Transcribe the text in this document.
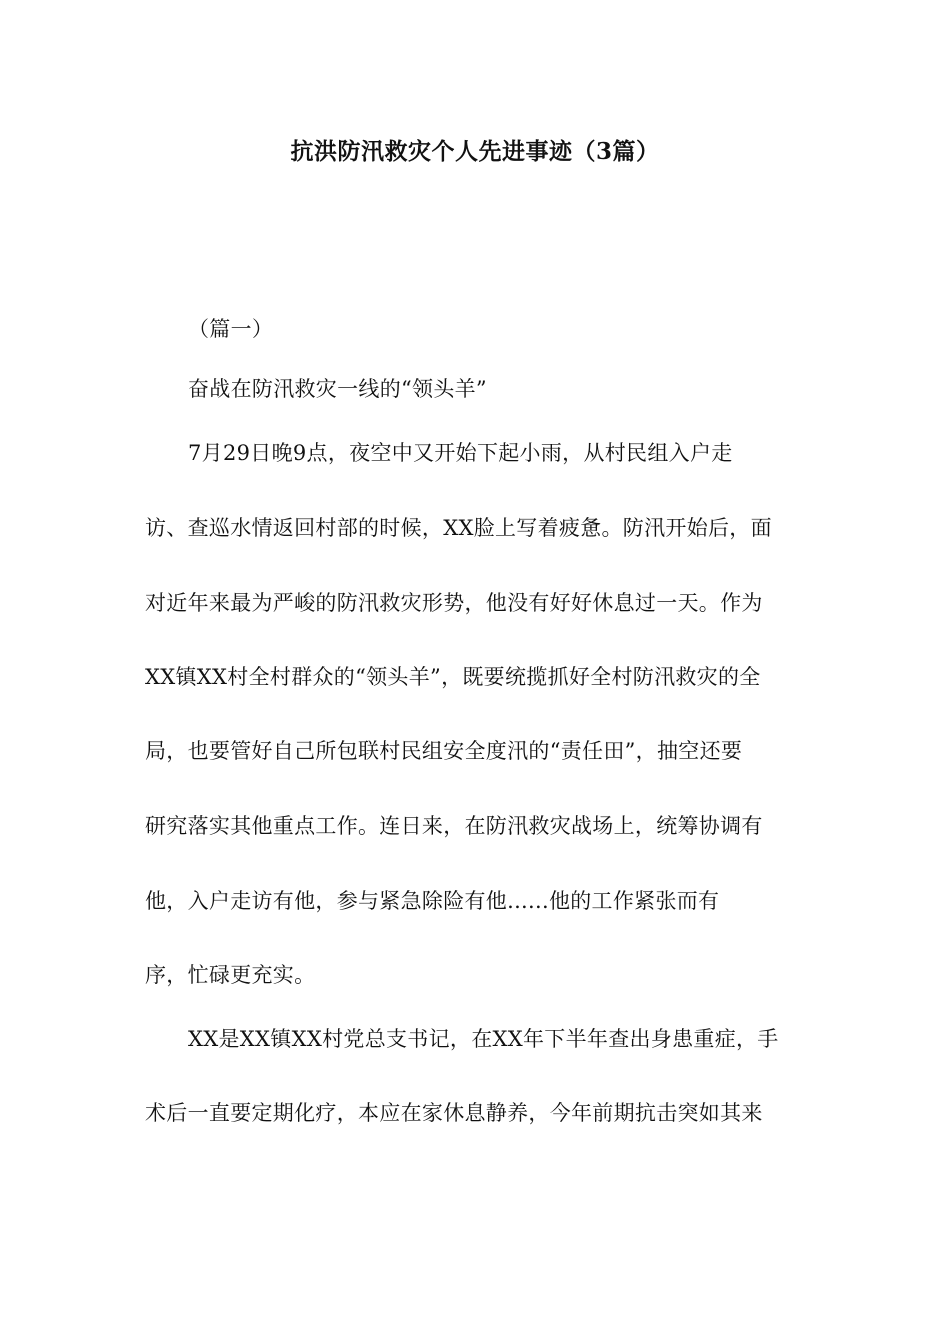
抗洪防汛救灾个人先进事迹（3篇）
（篇一）
奋战在防汛救灾一线的“领头羊”
7月29日晚9点，夜空中又开始下起小雨，从村民组入户走
访、查巡水情返回村部的时候，XX脸上写着疲惫。防汛开始后，面
对近年来最为严峻的防汛救灾形势，他没有好好休息过一天。作为
XX镇XX村全村群众的“领头羊”，既要统揽抓好全村防汛救灾的全
局，也要管好自己所包联村民组安全度汛的“责任田”，抽空还要
研究落实其他重点工作。连日来，在防汛救灾战场上，统筹协调有
他，入户走访有他，参与紧急除险有他......他的工作紧张而有
序，忙碌更充实。
XX是XX镇XX村党总支书记，在XX年下半年查出身患重症，手
术后一直要定期化疗，本应在家休息静养，今年前期抗击突如其来
